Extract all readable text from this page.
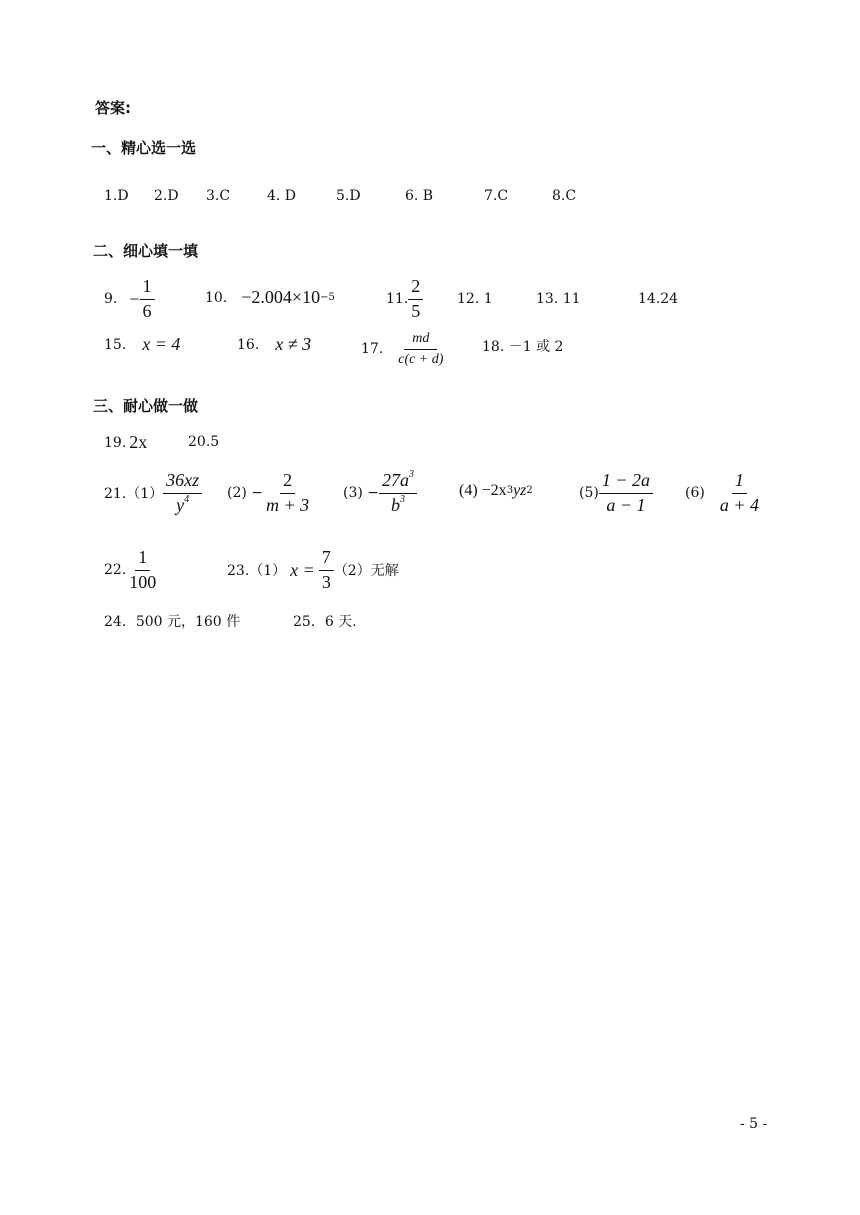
答案:
一、精心选一选
1.D 2.D 3.C	4. D	5.D	6. B	7.C	8.C
二、细心填一填
9. − $\frac{1}{6}$	10. −2.004×10 −5	11. $\frac{2}{5} 12$. 1	13. 11	14.24
15. x = 4	16. x ≠ 3	17. $\frac{md}{c(c + d)}$	18. －1 或 2
三、耐心做一做
19. 2x	20.5
$21.(1) \frac{36xz}{y^4} (2) - \frac{2}{m + 3} (3) - \frac{27a^3}{b^3}$	(4) −2x 3 yz 2	$(5) \frac{1 - 2a}{a - 1} (6) \frac{1}{a + 4}$
22. $\frac{1}{100}$	23.（1） $x = \frac{7}{3} (2)$无解
24．500 元，160 件	25．6 天.
- 5 -
